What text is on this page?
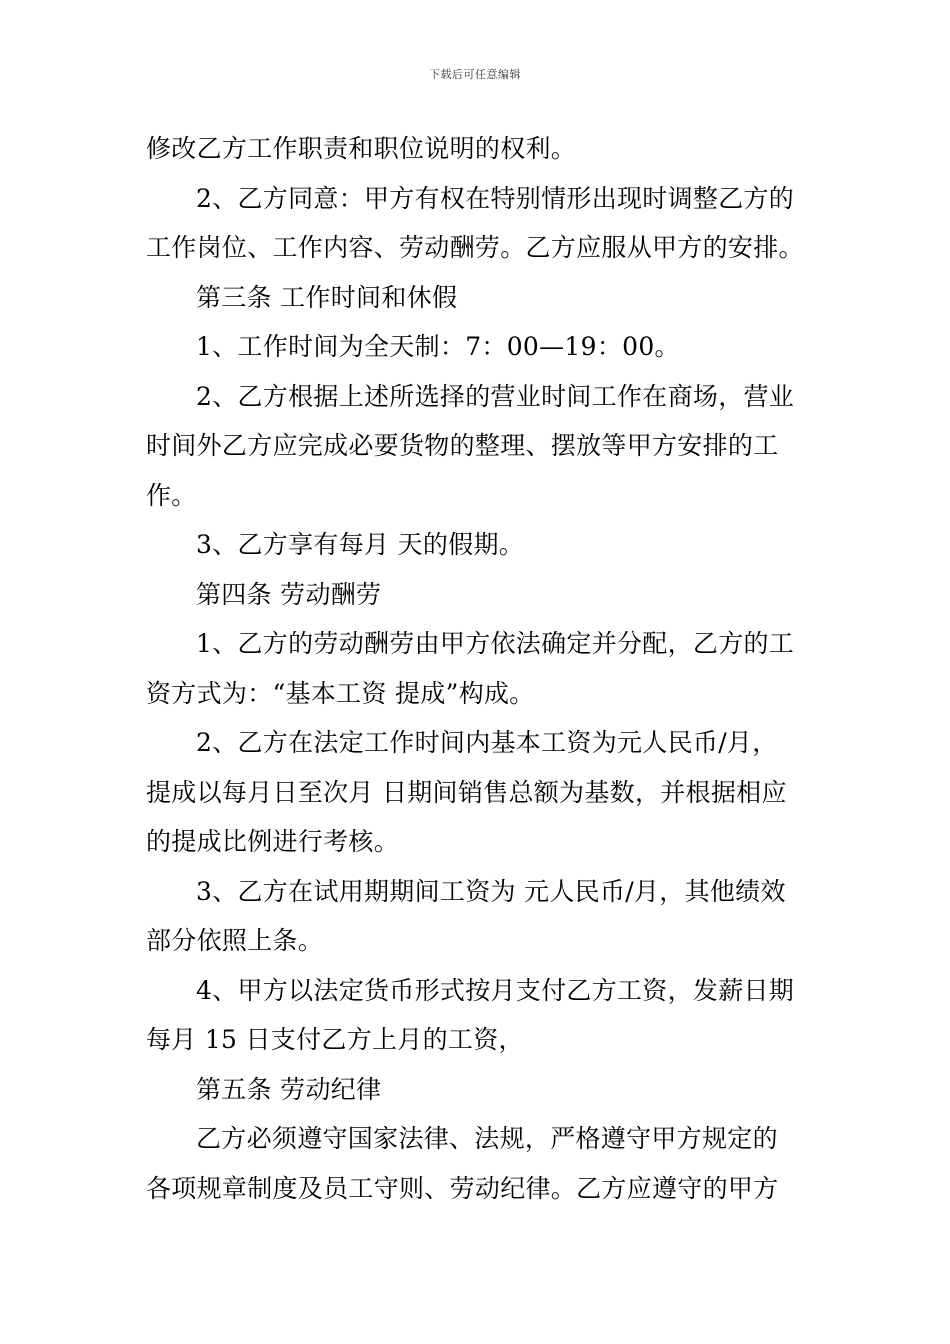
下载后可任意编辑

修改乙方工作职责和职位说明的权利。

2、乙方同意：甲方有权在特别情形出现时调整乙方的

工作岗位、工作内容、劳动酬劳。乙方应服从甲方的安排。

第三条 工作时间和休假

1、工作时间为全天制：7：00—19：00。

2、乙方根据上述所选择的营业时间工作在商场，营业

时间外乙方应完成必要货物的整理、摆放等甲方安排的工

作。

3、乙方享有每月 天的假期。

第四条 劳动酬劳

1、乙方的劳动酬劳由甲方依法确定并分配，乙方的工

资方式为：“基本工资 提成”构成。

2、乙方在法定工作时间内基本工资为元人民币/月，

提成以每月日至次月 日期间销售总额为基数，并根据相应

的提成比例进行考核。

3、乙方在试用期期间工资为 元人民币/月，其他绩效

部分依照上条。

4、甲方以法定货币形式按月支付乙方工资，发薪日期

每月 15 日支付乙方上月的工资，

第五条 劳动纪律

乙方必须遵守国家法律、法规，严格遵守甲方规定的

各项规章制度及员工守则、劳动纪律。乙方应遵守的甲方
